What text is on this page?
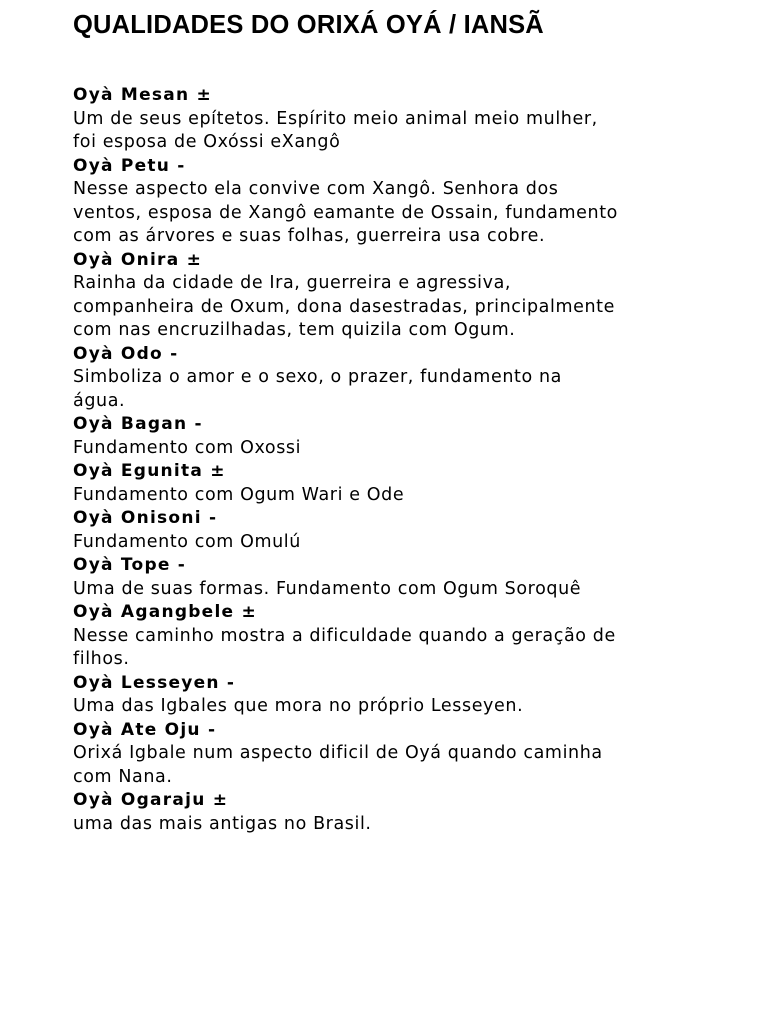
QUALIDADES DO ORIXÁ OYÁ / IANSÃ
Oyà Mesan ±
Um de seus epítetos. Espírito meio animal meio mulher,
foi esposa de Oxóssi eXangô
Oyà Petu -
Nesse aspecto ela convive com Xangô. Senhora dos
ventos, esposa de Xangô eamante de Ossain, fundamento
com as árvores e suas folhas, guerreira usa cobre.
Oyà Onira ±
Rainha da cidade de Ira, guerreira e agressiva,
companheira de Oxum, dona dasestradas, principalmente
com nas encruzilhadas, tem quizila com Ogum.
Oyà Odo -
Simboliza o amor e o sexo, o prazer, fundamento na
água.
Oyà Bagan -
Fundamento com Oxossi
Oyà Egunita ±
Fundamento com Ogum Wari e Ode
Oyà Onisoni -
Fundamento com Omulú
Oyà Tope -
Uma de suas formas. Fundamento com Ogum Soroquê
Oyà Agangbele ±
Nesse caminho mostra a dificuldade quando a geração de
filhos.
Oyà Lesseyen -
Uma das Igbales que mora no próprio Lesseyen.
Oyà Ate Oju -
Orixá Igbale num aspecto dificil de Oyá quando caminha
com Nana.
Oyà Ogaraju ±
uma das mais antigas no Brasil.
